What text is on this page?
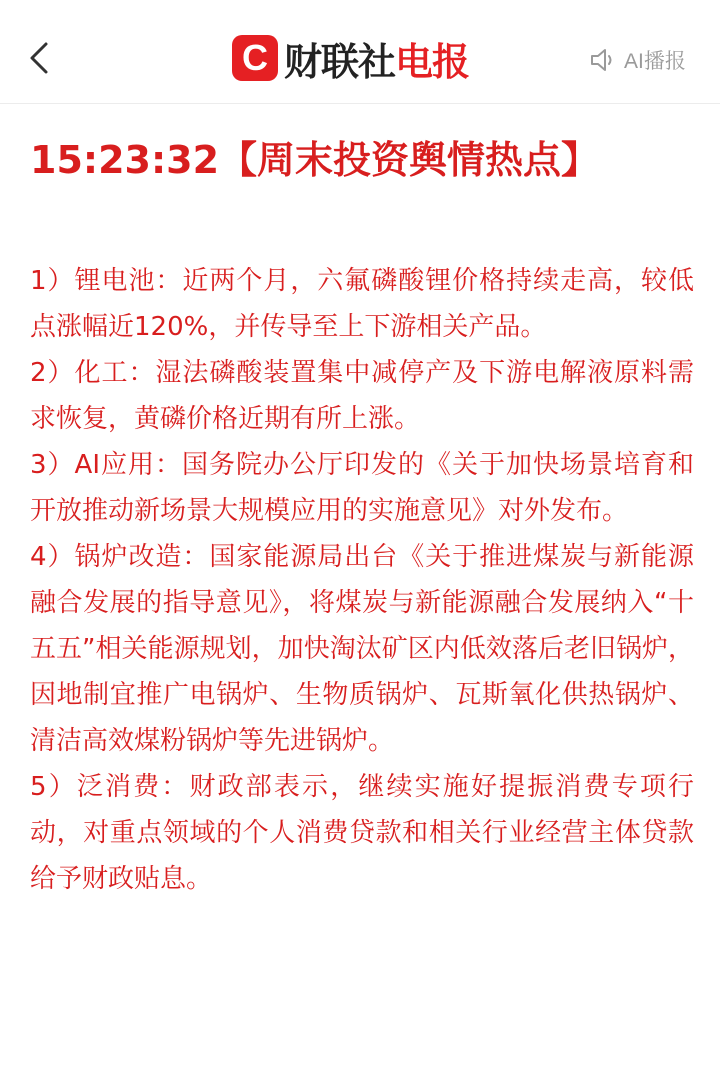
C 财联社电报	AI播报
15:23:32【周末投资舆情热点】

1）锂电池：近两个月，六氟磷酸锂价格持续走高，较低点涨幅近120%，并传导至上下游相关产品。

2）化工：湿法磷酸装置集中减停产及下游电解液原料需求恢复，黄磷价格近期有所上涨。

3）AI应用：国务院办公厅印发的《关于加快场景培育和开放推动新场景大规模应用的实施意见》对外发布。

4）锅炉改造：国家能源局出台《关于推进煤炭与新能源融合发展的指导意见》，将煤炭与新能源融合发展纳入“十五五”相关能源规划，加快淘汰矿区内低效落后老旧锅炉，因地制宜推广电锅炉、生物质锅炉、瓦斯氧化供热锅炉、清洁高效煤粉锅炉等先进锅炉。

5）泛消费：财政部表示，继续实施好提振消费专项行动，对重点领域的个人消费贷款和相关行业经营主体贷款给予财政贴息。
